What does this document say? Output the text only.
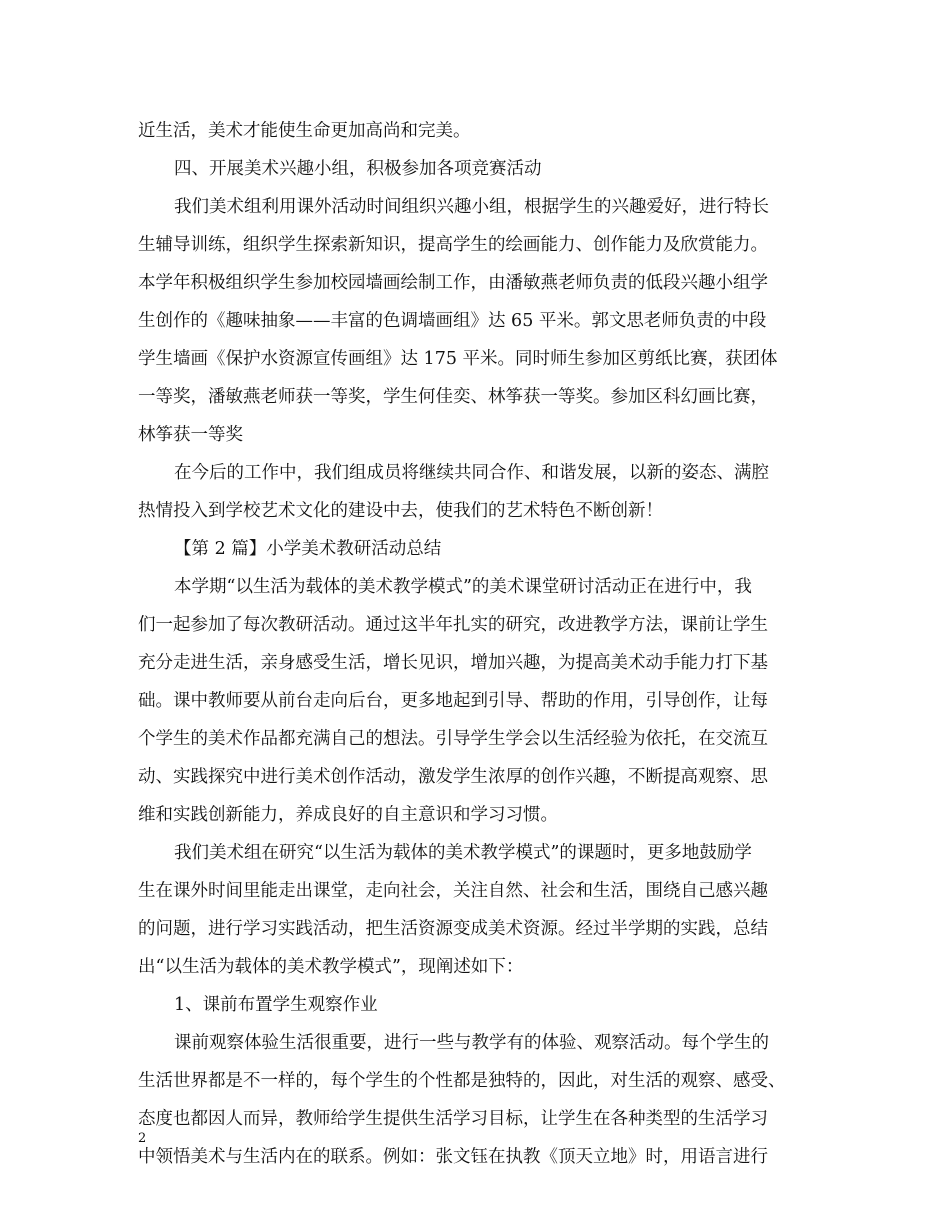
近生活，美术才能使生命更加高尚和完美。
四、开展美术兴趣小组，积极参加各项竞赛活动
我们美术组利用课外活动时间组织兴趣小组，根据学生的兴趣爱好，进行特长
生辅导训练，组织学生探索新知识，提高学生的绘画能力、创作能力及欣赏能力。
本学年积极组织学生参加校园墙画绘制工作，由潘敏燕老师负责的低段兴趣小组学
生创作的《趣味抽象——丰富的色调墙画组》达 65 平米。郭文思老师负责的中段
学生墙画《保护水资源宣传画组》达 175 平米。同时师生参加区剪纸比赛，获团体
一等奖，潘敏燕老师获一等奖，学生何佳奕、林筝获一等奖。参加区科幻画比赛，
林筝获一等奖
在今后的工作中，我们组成员将继续共同合作、和谐发展，以新的姿态、满腔
热情投入到学校艺术文化的建设中去，使我们的艺术特色不断创新！
【第 2 篇】小学美术教研活动总结
本学期“以生活为载体的美术教学模式”的美术课堂研讨活动正在进行中，我
们一起参加了每次教研活动。通过这半年扎实的研究，改进教学方法，课前让学生
充分走进生活，亲身感受生活，增长见识，增加兴趣，为提高美术动手能力打下基
础。课中教师要从前台走向后台，更多地起到引导、帮助的作用，引导创作，让每
个学生的美术作品都充满自己的想法。引导学生学会以生活经验为依托，在交流互
动、实践探究中进行美术创作活动，激发学生浓厚的创作兴趣，不断提高观察、思
维和实践创新能力，养成良好的自主意识和学习习惯。
我们美术组在研究“以生活为载体的美术教学模式”的课题时，更多地鼓励学
生在课外时间里能走出课堂，走向社会，关注自然、社会和生活，围绕自己感兴趣
的问题，进行学习实践活动，把生活资源变成美术资源。经过半学期的实践，总结
出“以生活为载体的美术教学模式”，现阐述如下：
1、课前布置学生观察作业
课前观察体验生活很重要，进行一些与教学有的体验、观察活动。每个学生的
生活世界都是不一样的，每个学生的个性都是独特的，因此，对生活的观察、感受、
态度也都因人而异，教师给学生提供生活学习目标，让学生在各种类型的生活学习
中领悟美术与生活内在的联系。例如：张文钰在执教《顶天立地》时，用语言进行
2
